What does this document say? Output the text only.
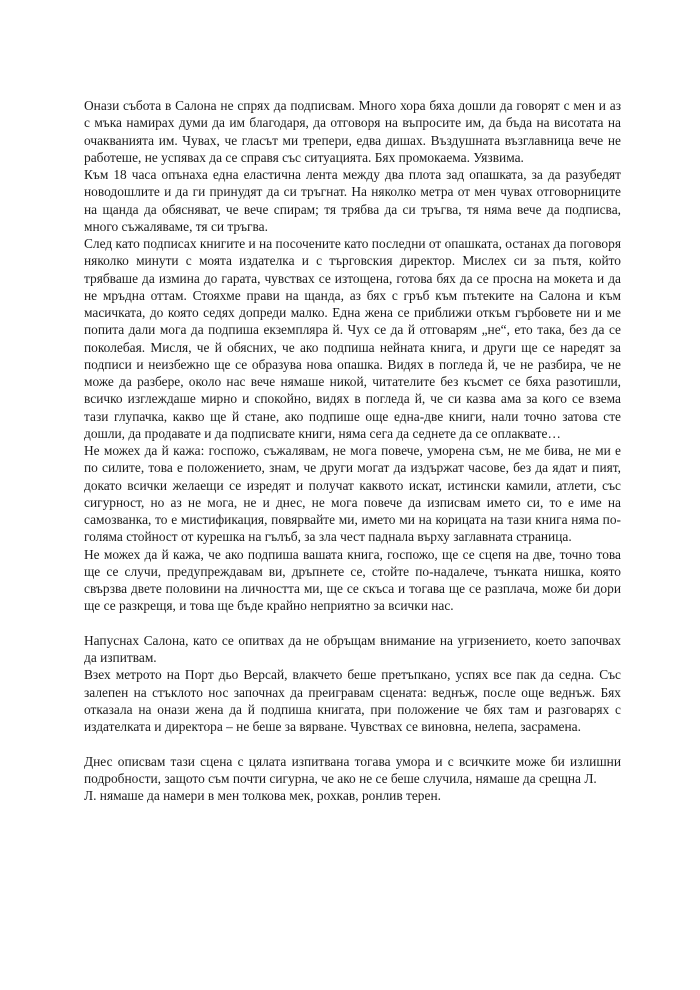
Онази събота в Салона не спрях да подписвам. Много хора бяха дошли да говорят с мен и аз с мъка намирах думи да им благодаря, да отговоря на въпросите им, да бъда на висотата на очакванията им. Чувах, че гласът ми трепери, едва дишах. Въздушната възглавница вече не работеше, не успявах да се справя със ситуацията. Бях промокаема. Уязвима.

Към 18 часа опънаха една еластична лента между два плота зад опашката, за да разубедят новодошлите и да ги принудят да си тръгнат. На няколко метра от мен чувах отговорниците на щанда да обясняват, че вече спирам; тя трябва да си тръгва, тя няма вече да подписва, много съжаляваме, тя си тръгва.

След като подписах книгите и на посочените като последни от опашката, останах да поговоря няколко минути с моята издателка и с търговския директор. Мислех си за пътя, който трябваше да измина до гарата, чувствах се изтощена, готова бях да се просна на мокета и да не мръдна оттам. Стояхме прави на щанда, аз бях с гръб към пътеките на Салона и към масичката, до която седях допреди малко. Една жена се приближи откъм гърбовете ни и ме попита дали мога да подпиша екземпляра й. Чух се да й отговарям „не“, ето така, без да се поколебая. Мисля, че й обясних, че ако подпиша нейната книга, и други ще се наредят за подписи и неизбежно ще се образува нова опашка. Видях в погледа й, че не разбира, че не може да разбере, около нас вече нямаше никой, читателите без късмет се бяха разотишли, всичко изглеждаше мирно и спокойно, видях в погледа й, че си казва ама за кого се взема тази глупачка, какво ще й стане, ако подпише още една-две книги, нали точно затова сте дошли, да продавате и да подписвате книги, няма сега да седнете да се оплаквате…

Не можех да й кажа: госпожо, съжалявам, не мога повече, уморена съм, не ме бива, не ми е по силите, това е положението, знам, че други могат да издържат часове, без да ядат и пият, докато всички желаещи се изредят и получат каквото искат, истински камили, атлети, със сигурност, но аз не мога, не и днес, не мога повече да изписвам името си, то е име на самозванка, то е мистификация, повярвайте ми, името ми на корицата на тази книга няма по-голяма стойност от курешка на гълъб, за зла чест паднала върху заглавната страница.

Не можех да й кажа, че ако подпиша вашата книга, госпожо, ще се сцепя на две, точно това ще се случи, предупреждавам ви, дръпнете се, стойте по-надалече, тънката нишка, която свързва двете половини на личността ми, ще се скъса и тогава ще се разплача, може би дори ще се разкрещя, и това ще бъде крайно неприятно за всички нас.

Напуснах Салона, като се опитвах да не обръщам внимание на угризението, което започвах да изпитвам.

Взех метрото на Порт дьо Версай, влакчето беше претъпкано, успях все пак да седна. Със залепен на стъклото нос започнах да преигравам сцената: веднъж, после още веднъж. Бях отказала на онази жена да й подпиша книгата, при положение че бях там и разговарях с издателката и директора – не беше за вярване. Чувствах се виновна, нелепа, засрамена.

Днес описвам тази сцена с цялата изпитвана тогава умора и с всичките може би излишни подробности, защото съм почти сигурна, че ако не се беше случила, нямаше да срещна Л.

Л. нямаше да намери в мен толкова мек, рохкав, ронлив терен.
